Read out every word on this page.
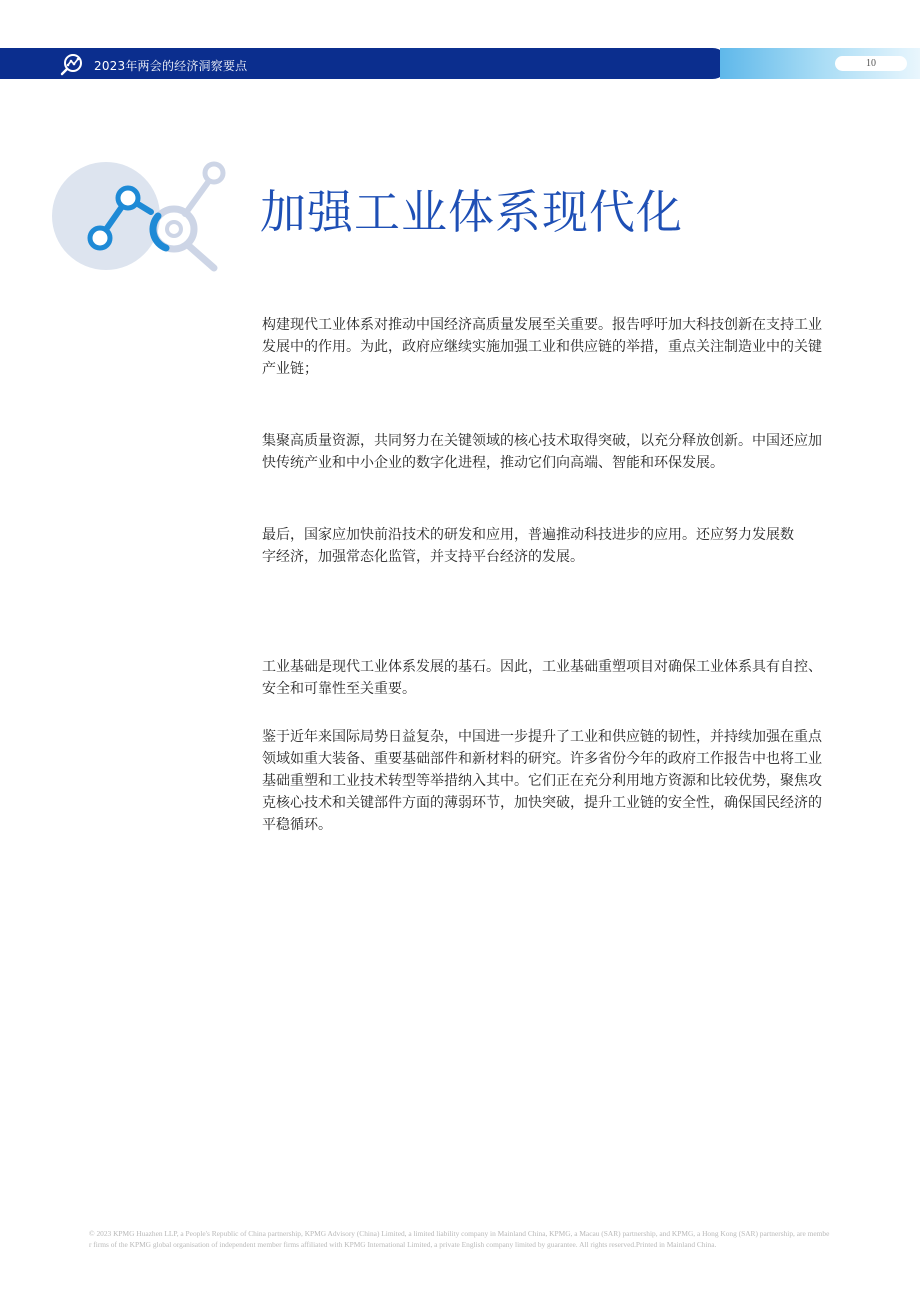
2023年两会的经济洞察要点	10
加强工业体系现代化

构建现代工业体系对推动中国经济高质量发展至关重要。报告呼吁加大科技创新在支持工业发展中的作用。为此，政府应继续实施加强工业和供应链的举措，重点关注制造业中的关键产业链；

集聚高质量资源，共同努力在关键领域的核心技术取得突破，以充分释放创新。中国还应加快传统产业和中小企业的数字化进程，推动它们向高端、智能和环保发展。

最后，国家应加快前沿技术的研发和应用，普遍推动科技进步的应用。还应努力发展数字经济，加强常态化监管，并支持平台经济的发展。

工业基础是现代工业体系发展的基石。因此，工业基础重塑项目对确保工业体系具有自控、安全和可靠性至关重要。

鉴于近年来国际局势日益复杂，中国进一步提升了工业和供应链的韧性，并持续加强在重点领域如重大装备、重要基础部件和新材料的研究。许多省份今年的政府工作报告中也将工业基础重塑和工业技术转型等举措纳入其中。它们正在充分利用地方资源和比较优势，聚焦攻克核心技术和关键部件方面的薄弱环节，加快突破，提升工业链的安全性，确保国民经济的平稳循环。

© 2023 KPMG Huazhen LLP, a People's Republic of China partnership, KPMG Advisory (China) Limited, a limited liability company in Mainland China, KPMG, a Macau (SAR) partnership, and KPMG, a Hong Kong (SAR) partnership, are member firms of the KPMG global organisation of independent member firms affiliated with KPMG International Limited, a private English company limited by guarantee. All rights reserved.Printed in Mainland China.
